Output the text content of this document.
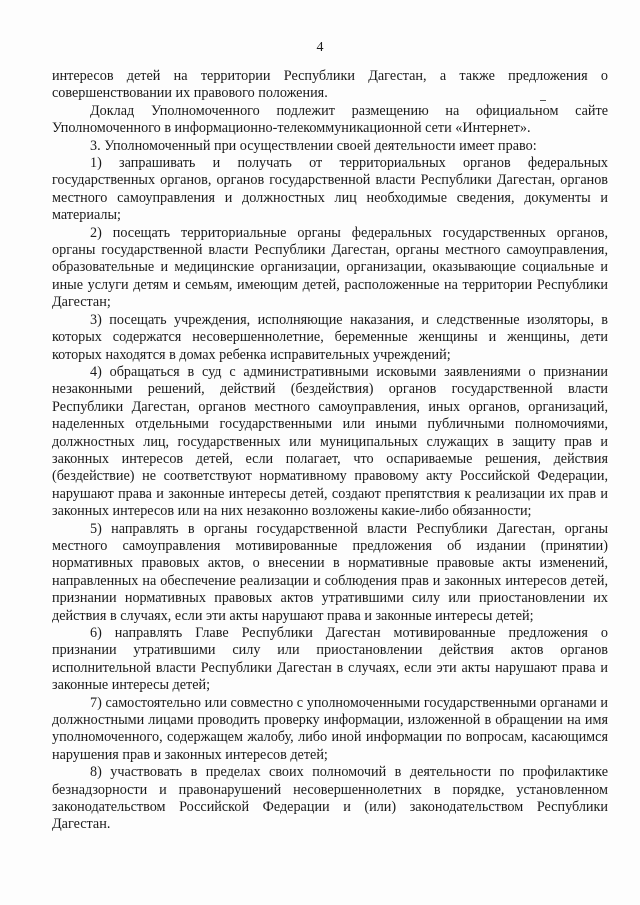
4

интересов детей на территории Республики Дагестан, а также предложения о совершенствовании их правового положения.

Доклад Уполномоченного подлежит размещению на официальном сайте Уполномоченного в информационно-телекоммуникационной сети «Интернет».

3. Уполномоченный при осуществлении своей деятельности имеет право:

1) запрашивать и получать от территориальных органов федеральных государственных органов, органов государственной власти Республики Дагестан, органов местного самоуправления и должностных лиц необходимые сведения, документы и материалы;

2) посещать территориальные органы федеральных государственных органов, органы государственной власти Республики Дагестан, органы местного самоуправления, образовательные и медицинские организации, организации, оказывающие социальные и иные услуги детям и семьям, имеющим детей, расположенные на территории Республики Дагестан;

3) посещать учреждения, исполняющие наказания, и следственные изоляторы, в которых содержатся несовершеннолетние, беременные женщины и женщины, дети которых находятся в домах ребенка исправительных учреждений;

4) обращаться в суд с административными исковыми заявлениями о признании незаконными решений, действий (бездействия) органов государственной власти Республики Дагестан, органов местного самоуправления, иных органов, организаций, наделенных отдельными государственными или иными публичными полномочиями, должностных лиц, государственных или муниципальных служащих в защиту прав и законных интересов детей, если полагает, что оспариваемые решения, действия (бездействие) не соответствуют нормативному правовому акту Российской Федерации, нарушают права и законные интересы детей, создают препятствия к реализации их прав и законных интересов или на них незаконно возложены какие-либо обязанности;

5) направлять в органы государственной власти Республики Дагестан, органы местного самоуправления мотивированные предложения об издании (принятии) нормативных правовых актов, о внесении в нормативные правовые акты изменений, направленных на обеспечение реализации и соблюдения прав и законных интересов детей, признании нормативных правовых актов утратившими силу или приостановлении их действия в случаях, если эти акты нарушают права и законные интересы детей;

6) направлять Главе Республики Дагестан мотивированные предложения о признании утратившими силу или приостановлении действия актов органов исполнительной власти Республики Дагестан в случаях, если эти акты нарушают права и законные интересы детей;

7) самостоятельно или совместно с уполномоченными государственными органами и должностными лицами проводить проверку информации, изложенной в обращении на имя уполномоченного, содержащем жалобу, либо иной информации по вопросам, касающимся нарушения прав и законных интересов детей;

8) участвовать в пределах своих полномочий в деятельности по профилактике безнадзорности и правонарушений несовершеннолетних в порядке, установленном законодательством Российской Федерации и (или) законодательством Республики Дагестан.
